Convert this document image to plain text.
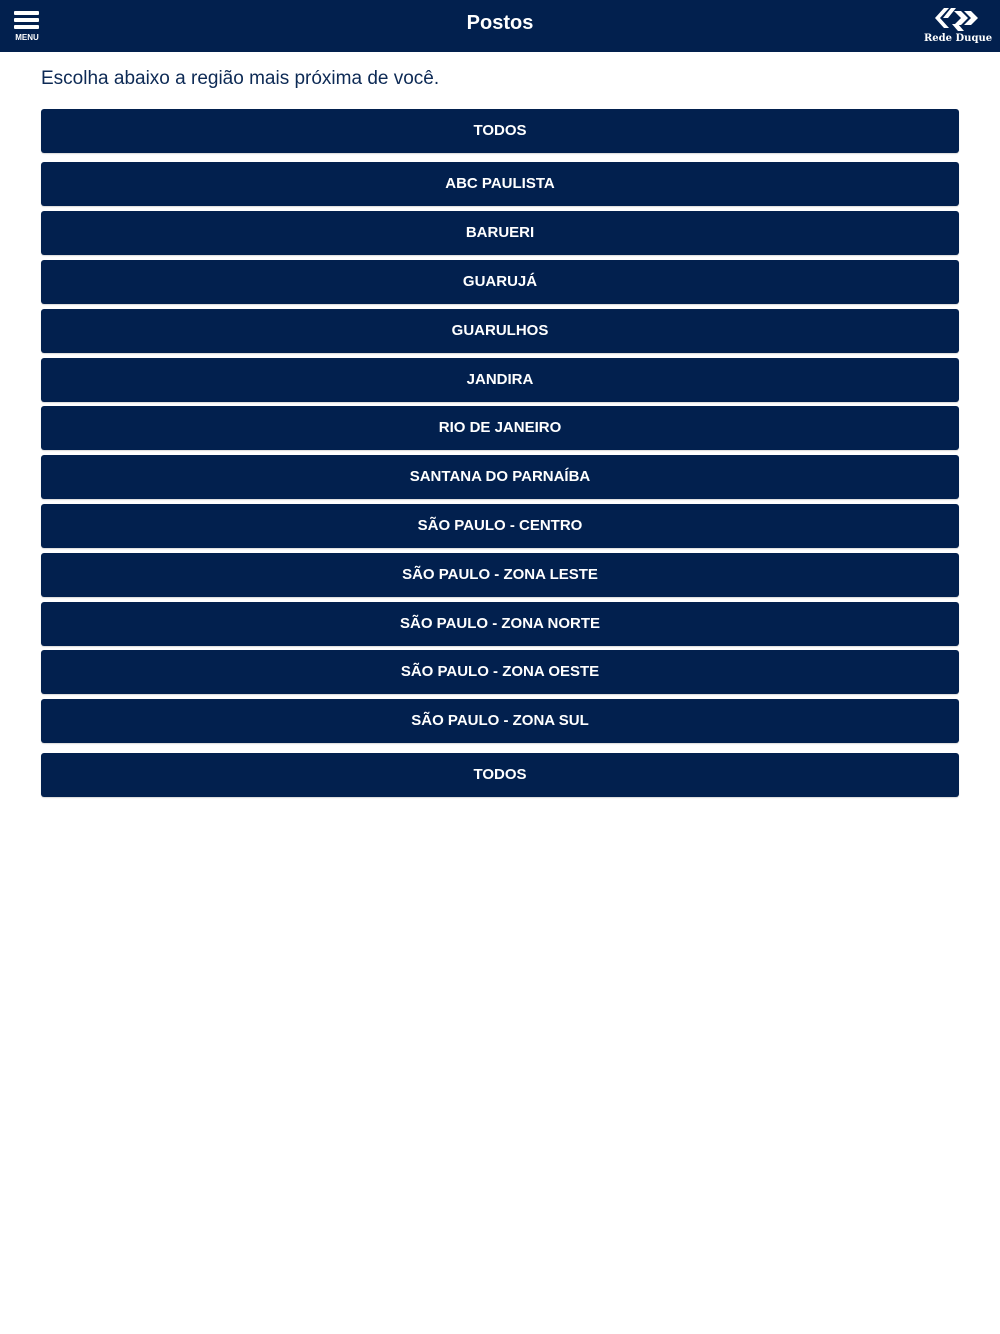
MENU
Postos
Rede Duque
Escolha abaixo a região mais próxima de você.
TODOS
ABC PAULISTA
BARUERI
GUARUJÁ
GUARULHOS
JANDIRA
RIO DE JANEIRO
SANTANA DO PARNAÍBA
SÃO PAULO - CENTRO
SÃO PAULO - ZONA LESTE
SÃO PAULO - ZONA NORTE
SÃO PAULO - ZONA OESTE
SÃO PAULO - ZONA SUL
TODOS
